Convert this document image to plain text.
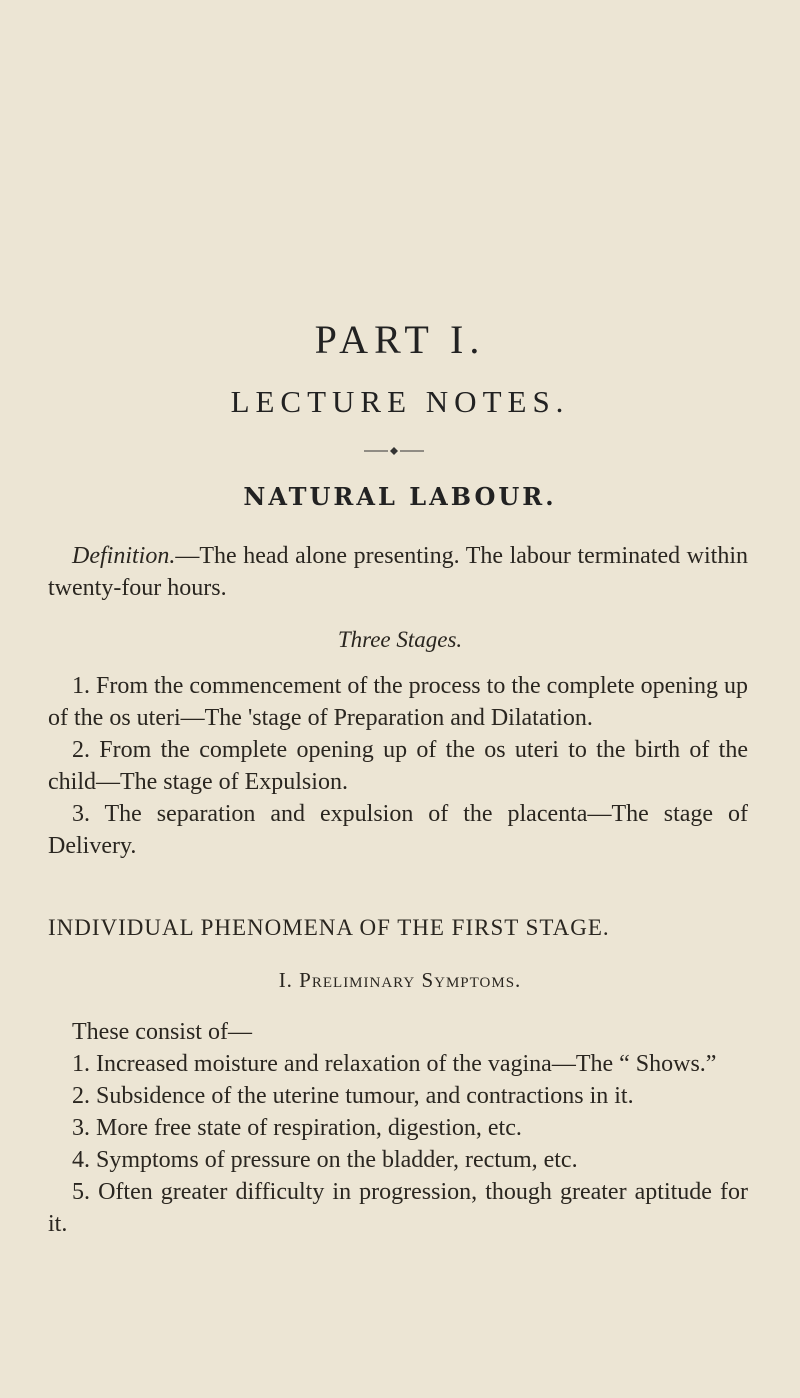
PART I.
LECTURE NOTES.
NATURAL LABOUR.

Definition.—The head alone presenting. The labour terminated within twenty-four hours.

Three Stages.

1. From the commencement of the process to the complete opening up of the os uteri—The 'stage of Preparation and Dilatation.

2. From the complete opening up of the os uteri to the birth of the child—The stage of Expulsion.

3. The separation and expulsion of the placenta—The stage of Delivery.

INDIVIDUAL PHENOMENA OF THE FIRST STAGE.
I. Preliminary Symptoms.

These consist of—

1. Increased moisture and relaxation of the vagina—The “ Shows.”

2. Subsidence of the uterine tumour, and contractions in it.

3. More free state of respiration, digestion, etc.

4. Symptoms of pressure on the bladder, rectum, etc.

5. Often greater difficulty in progression, though greater aptitude for it.
